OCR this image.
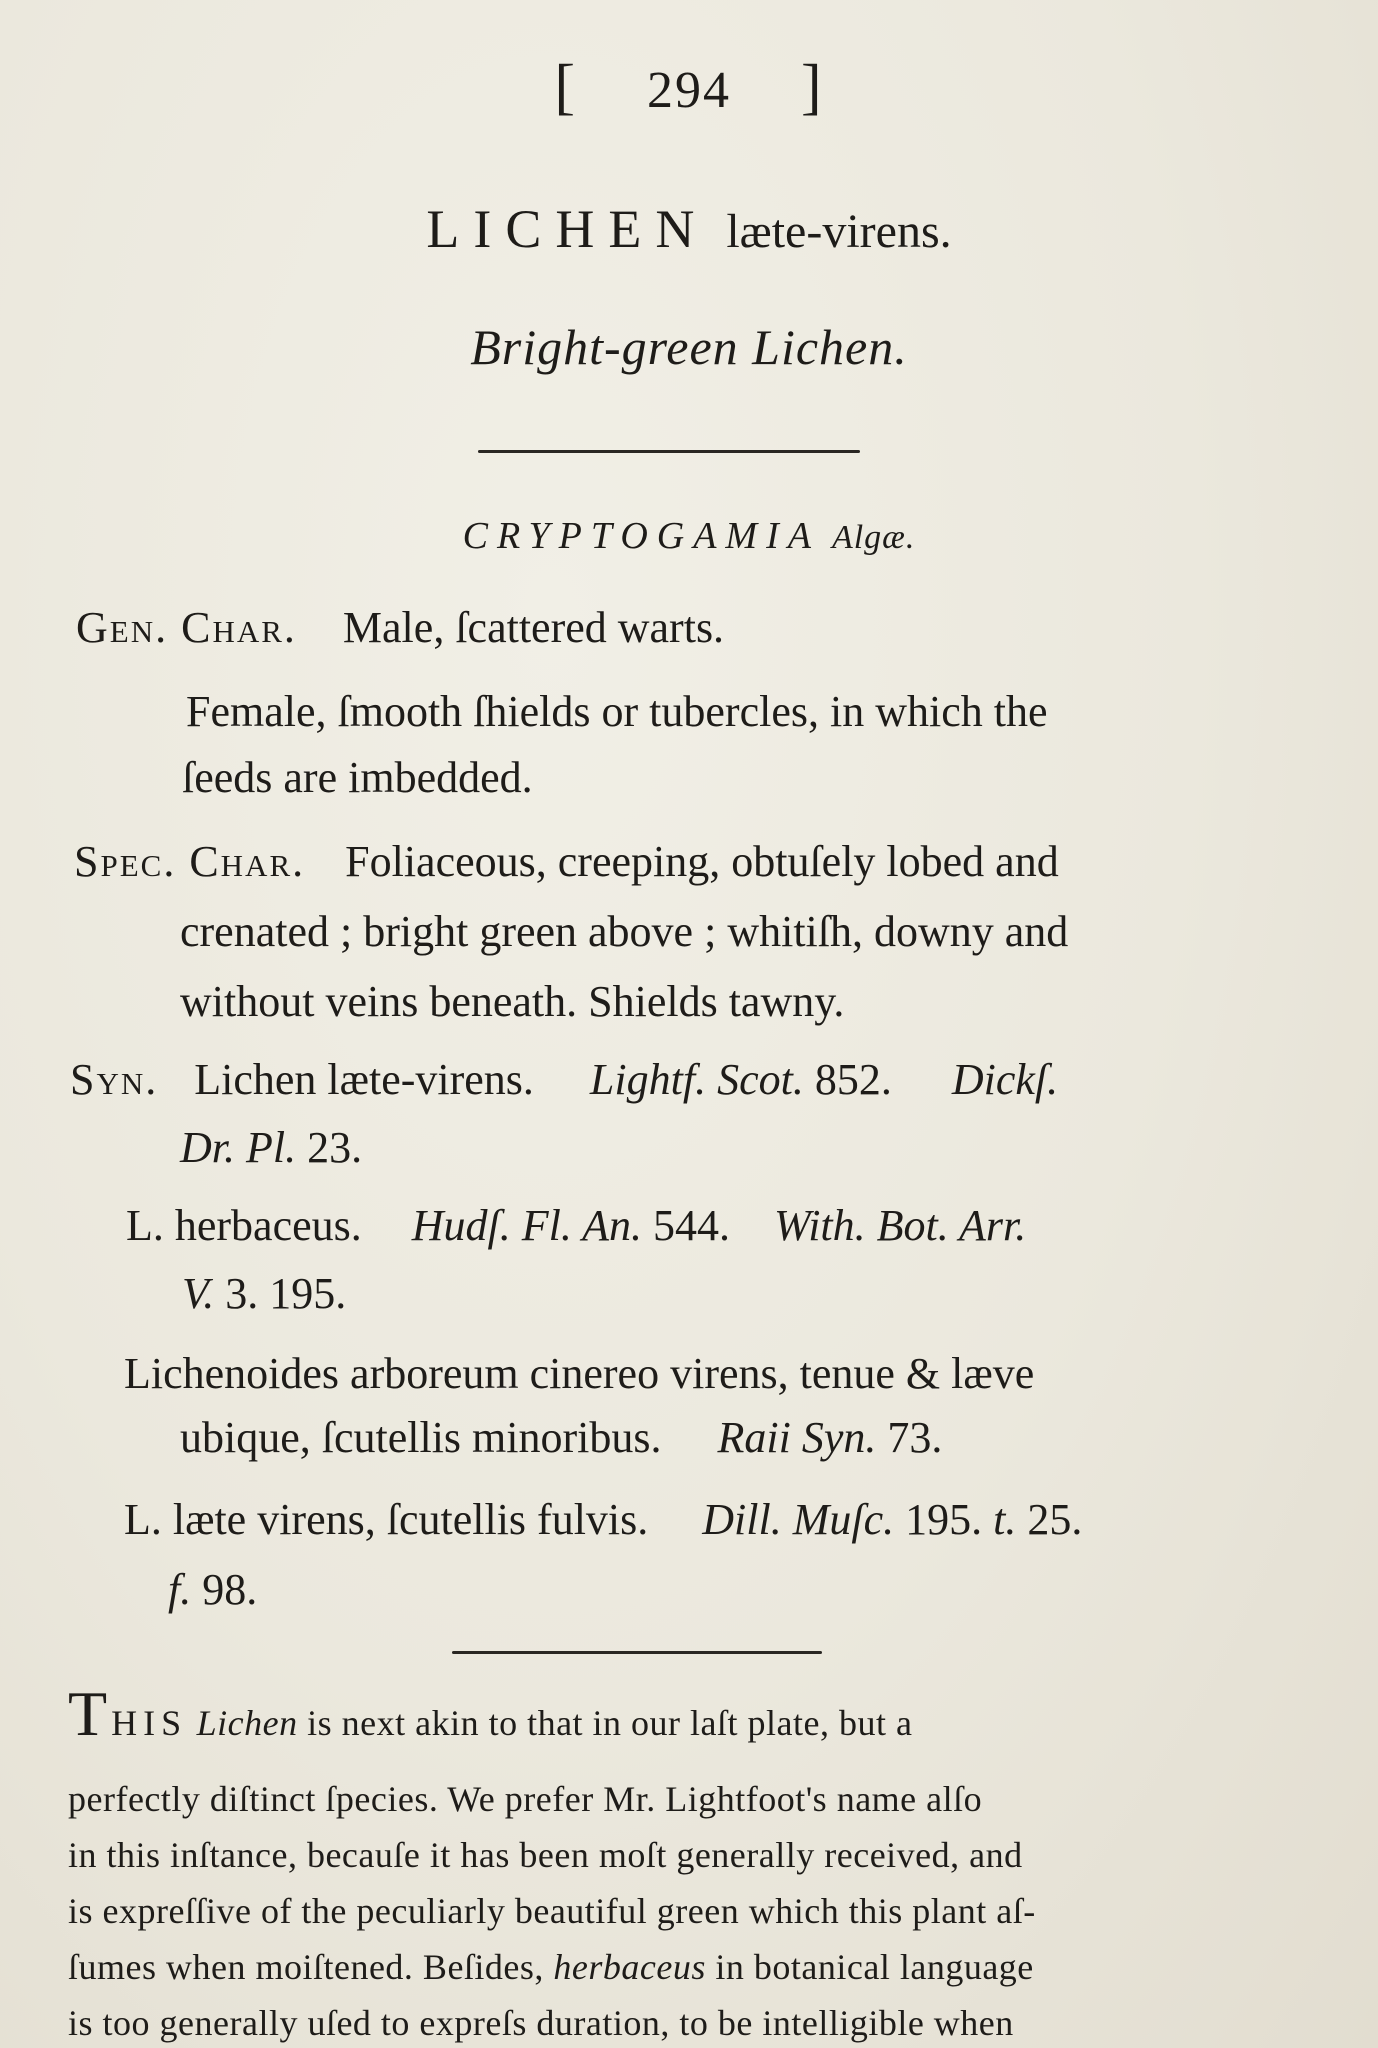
[ 294 ]
LICHEN læte-virens.
Bright-green Lichen.
CRYPTOGAMIA Algæ.
Gen. Char. Male, ſcattered warts.
Female, ſmooth ſhields or tubercles, in which the
ſeeds are imbedded.
Spec. Char. Foliaceous, creeping, obtuſely lobed and
crenated ; bright green above ; whitiſh, downy and
without veins beneath. Shields tawny.
Syn. Lichen læte-virens. Lightf. Scot. 852. Dickſ.
Dr. Pl. 23.
L. herbaceus. Hudſ. Fl. An. 544. With. Bot. Arr.
V. 3. 195.
Lichenoides arboreum cinereo virens, tenue & læve
ubique, ſcutellis minoribus. Raii Syn. 73.
L. læte virens, ſcutellis fulvis. Dill. Muſc. 195. t. 25.
f. 98.
THIS Lichen is next akin to that in our laſt plate, but a
perfectly diſtinct ſpecies. We prefer Mr. Lightfoot's name alſo
in this inſtance, becauſe it has been moſt generally received, and
is expreſſive of the peculiarly beautiful green which this plant aſ-
ſumes when moiſtened. Beſides, herbaceus in botanical language
is too generally uſed to expreſs duration, to be intelligible when
